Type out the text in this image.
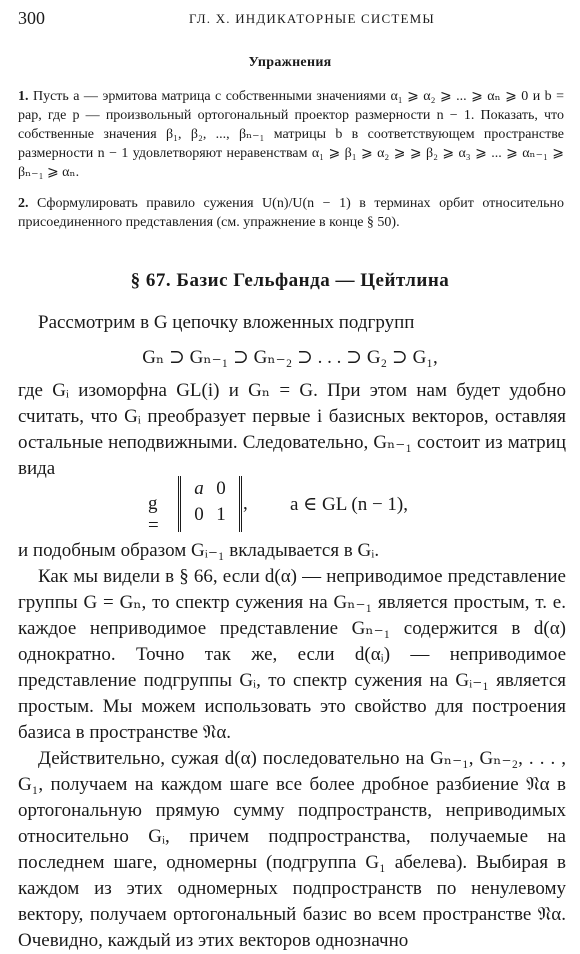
300	ГЛ. X. ИНДИКАТОРНЫЕ СИСТЕМЫ
Упражнения
1. Пусть a — эрмитова матрица с собственными значениями α₁ ⩾ α₂ ⩾ ... ⩾ αₙ ⩾ 0 и b = pap, где p — произвольный ортогональный проектор размерности n − 1. Показать, что собственные значения β₁, β₂, ..., βₙ₋₁ матрицы b в соответствующем пространстве размерности n − 1 удовлетворяют неравенствам α₁ ⩾ β₁ ⩾ α₂ ⩾ ⩾ β₂ ⩾ α₃ ⩾ ... ⩾ αₙ₋₁ ⩾ βₙ₋₁ ⩾ αₙ.
2. Сформулировать правило сужения U(n)/U(n − 1) в терминах орбит относительно присоединенного представления (см. упражнение в конце § 50).
§ 67. Базис Гельфанда — Цейтлина
Рассмотрим в G цепочку вложенных подгрупп
Gₙ ⊃ Gₙ₋₁ ⊃ Gₙ₋₂ ⊃ . . . ⊃ G₂ ⊃ G₁,
где Gᵢ изоморфна GL(i) и Gₙ = G. При этом нам будет удобно считать, что Gᵢ преобразует первые i базисных векторов, оставляя остальные неподвижными. Следовательно, Gₙ₋₁ состоит из матриц вида
g =
a 0
0 1
, a ∈ GL (n − 1),
и подобным образом Gᵢ₋₁ вкладывается в Gᵢ.
Как мы видели в § 66, если d(α) — неприводимое представление группы G = Gₙ, то спектр сужения на Gₙ₋₁ является простым, т. е. каждое неприводимое представление Gₙ₋₁ содержится в d(α) однократно. Точно так же, если d(αᵢ) — неприводимое представление подгруппы Gᵢ, то спектр сужения на Gᵢ₋₁ является простым. Мы можем использовать это свойство для построения базиса в пространстве 𝔑α.
Действительно, сужая d(α) последовательно на Gₙ₋₁, Gₙ₋₂, . . . , G₁, получаем на каждом шаге все более дробное разбиение 𝔑α в ортогональную прямую сумму подпространств, неприводимых относительно Gᵢ, причем подпространства, получаемые на последнем шаге, одномерны (подгруппа G₁ абелева). Выбирая в каждом из этих одномерных подпространств по ненулевому вектору, получаем ортогональный базис во всем пространстве 𝔑α. Очевидно, каждый из этих векторов однозначно
